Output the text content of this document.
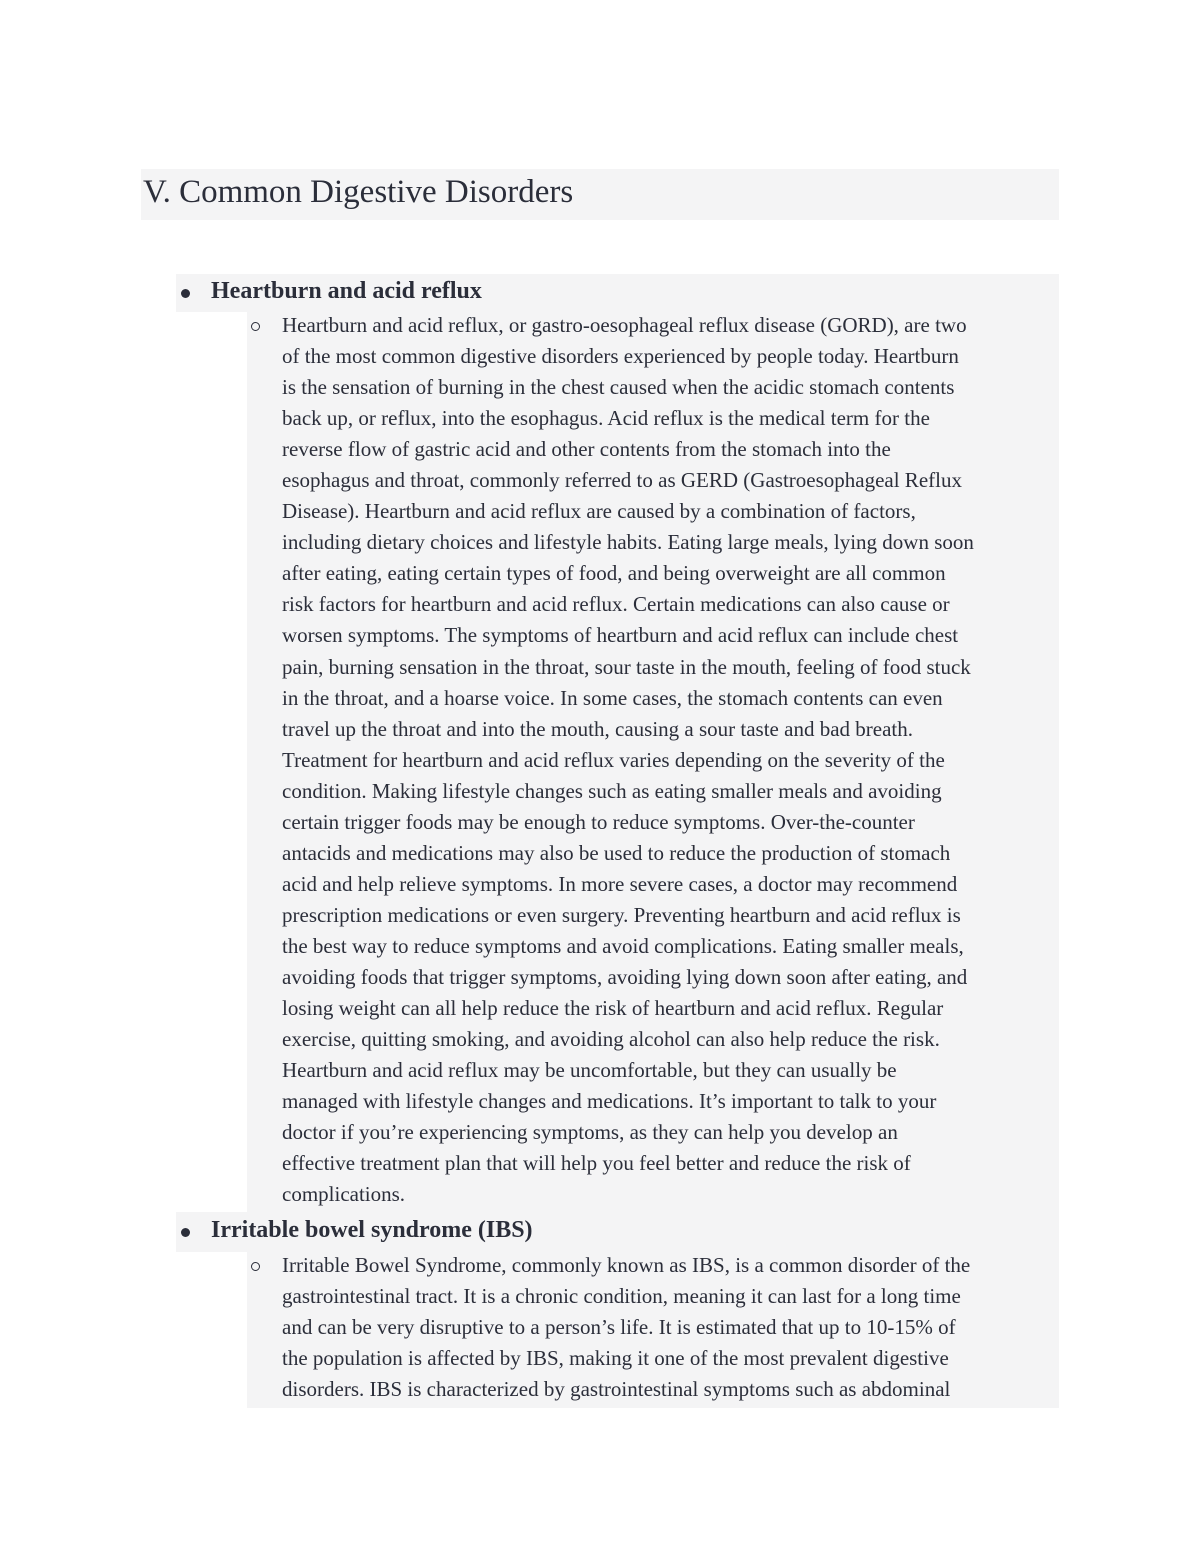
V. Common Digestive Disorders
Heartburn and acid reflux

Heartburn and acid reflux, or gastro-oesophageal reflux disease (GORD), are two
of the most common digestive disorders experienced by people today. Heartburn
is the sensation of burning in the chest caused when the acidic stomach contents
back up, or reflux, into the esophagus. Acid reflux is the medical term for the
reverse flow of gastric acid and other contents from the stomach into the
esophagus and throat, commonly referred to as GERD (Gastroesophageal Reflux
Disease). Heartburn and acid reflux are caused by a combination of factors,
including dietary choices and lifestyle habits. Eating large meals, lying down soon
after eating, eating certain types of food, and being overweight are all common
risk factors for heartburn and acid reflux. Certain medications can also cause or
worsen symptoms. The symptoms of heartburn and acid reflux can include chest
pain, burning sensation in the throat, sour taste in the mouth, feeling of food stuck
in the throat, and a hoarse voice. In some cases, the stomach contents can even
travel up the throat and into the mouth, causing a sour taste and bad breath.
Treatment for heartburn and acid reflux varies depending on the severity of the
condition. Making lifestyle changes such as eating smaller meals and avoiding
certain trigger foods may be enough to reduce symptoms. Over-the-counter
antacids and medications may also be used to reduce the production of stomach
acid and help relieve symptoms. In more severe cases, a doctor may recommend
prescription medications or even surgery. Preventing heartburn and acid reflux is
the best way to reduce symptoms and avoid complications. Eating smaller meals,
avoiding foods that trigger symptoms, avoiding lying down soon after eating, and
losing weight can all help reduce the risk of heartburn and acid reflux. Regular
exercise, quitting smoking, and avoiding alcohol can also help reduce the risk.
Heartburn and acid reflux may be uncomfortable, but they can usually be
managed with lifestyle changes and medications. It’s important to talk to your
doctor if you’re experiencing symptoms, as they can help you develop an
effective treatment plan that will help you feel better and reduce the risk of
complications.

Irritable bowel syndrome (IBS)

Irritable Bowel Syndrome, commonly known as IBS, is a common disorder of the
gastrointestinal tract. It is a chronic condition, meaning it can last for a long time
and can be very disruptive to a person’s life. It is estimated that up to 10-15% of
the population is affected by IBS, making it one of the most prevalent digestive
disorders. IBS is characterized by gastrointestinal symptoms such as abdominal
